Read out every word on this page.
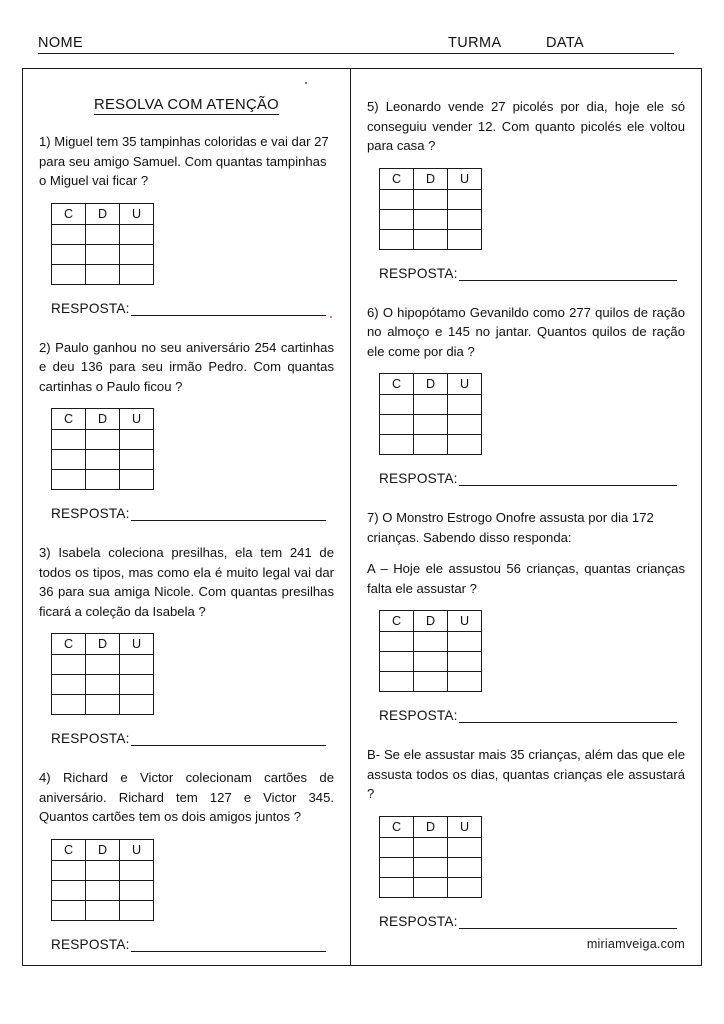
NOME	TURMA	DATA
RESOLVA COM ATENÇÃO

1) Miguel tem 35 tampinhas coloridas e vai dar 27 para seu amigo Samuel. Com quantas tampinhas o Miguel vai ficar ?

C	D	U

RESPOSTA:

2) Paulo ganhou no seu aniversário 254 cartinhas e deu 136 para seu irmão Pedro. Com quantas cartinhas o Paulo ficou ?

C	D	U

RESPOSTA:

3) Isabela coleciona presilhas, ela tem 241 de todos os tipos, mas como ela é muito legal vai dar 36 para sua amiga Nicole. Com quantas presilhas ficará a coleção da Isabela ?

C	D	U

RESPOSTA:

4) Richard e Victor colecionam cartões de aniversário. Richard tem 127 e Victor 345. Quantos cartões tem os dois amigos juntos ?

C	D	U

RESPOSTA:

5) Leonardo vende 27 picolés por dia, hoje ele só conseguiu vender 12. Com quanto picolés ele voltou para casa ?

C	D	U

RESPOSTA:

6) O hipopótamo Gevanildo como 277 quilos de ração no almoço e 145 no jantar. Quantos quilos de ração ele come por dia ?

C	D	U

RESPOSTA:

7) O Monstro Estrogo Onofre assusta por dia 172 crianças. Sabendo disso responda:

A – Hoje ele assustou 56 crianças, quantas crianças falta ele assustar ?

C	D	U

RESPOSTA:

B- Se ele assustar mais 35 crianças, além das que ele assusta todos os dias, quantas crianças ele assustará ?

C	D	U

RESPOSTA:
miriamveiga.com
